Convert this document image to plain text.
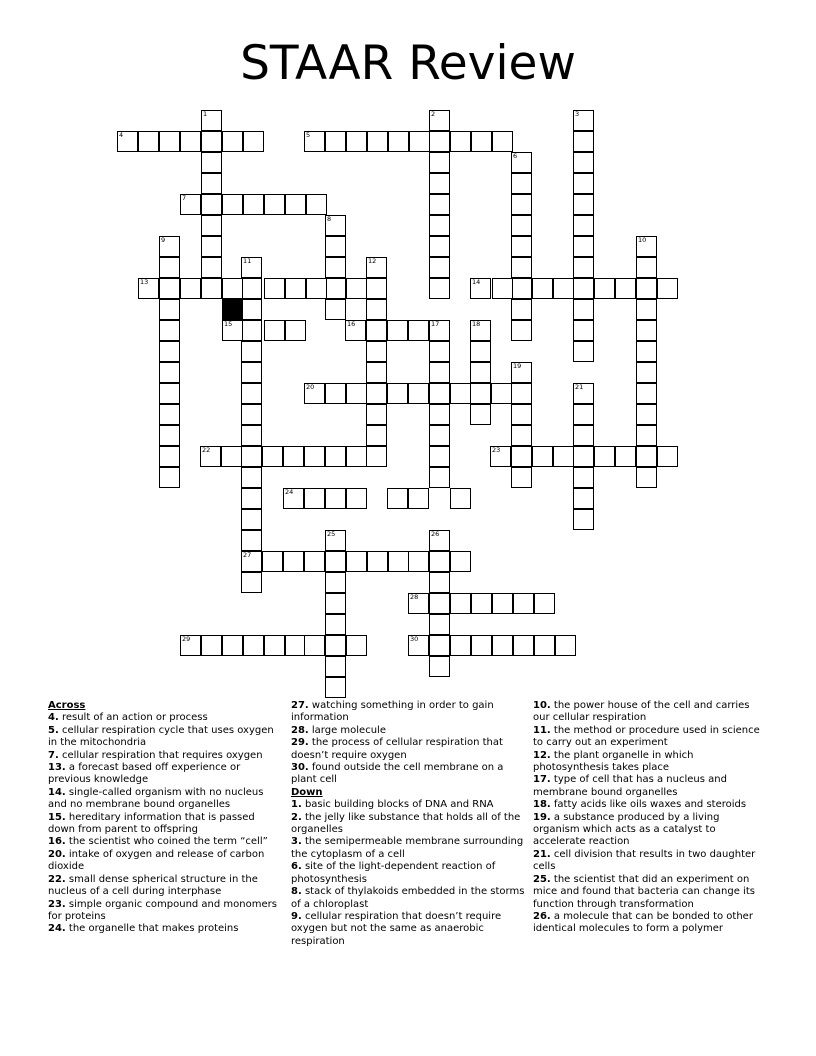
STAAR Review
1	2	3
4	5
6
7
8
9	10
11
27
12
13	14
15	16	17	18
19
20	21
22	23
24
25	26
28
29	30

Across

4. result of an action or process

5. cellular respiration cycle that uses oxygen in the mitochondria

7. cellular respiration that requires oxygen

13. a forecast based off experience or previous knowledge

14. single-called organism with no nucleus and no membrane bound organelles

15. hereditary information that is passed down from parent to offspring

16. the scientist who coined the term “cell”

20. intake of oxygen and release of carbon dioxide

22. small dense spherical structure in the nucleus of a cell during interphase

23. simple organic compound and monomers for proteins

24. the organelle that makes proteins

27. watching something in order to gain information

28. large molecule

29. the process of cellular respiration that doesn’t require oxygen

30. found outside the cell membrane on a plant cell

Down

1. basic building blocks of DNA and RNA

2. the jelly like substance that holds all of the organelles

3. the semipermeable membrane surrounding the cytoplasm of a cell

6. site of the light-dependent reaction of photosynthesis

8. stack of thylakoids embedded in the storms of a chloroplast

9. cellular respiration that doesn’t require oxygen but not the same as anaerobic respiration

10. the power house of the cell and carries our cellular respiration

11. the method or procedure used in science to carry out an experiment

12. the plant organelle in which photosynthesis takes place

17. type of cell that has a nucleus and membrane bound organelles

18. fatty acids like oils waxes and steroids

19. a substance produced by a living organism which acts as a catalyst to accelerate reaction

21. cell division that results in two daughter cells

25. the scientist that did an experiment on mice and found that bacteria can change its function through transformation

26. a molecule that can be bonded to other identical molecules to form a polymer
